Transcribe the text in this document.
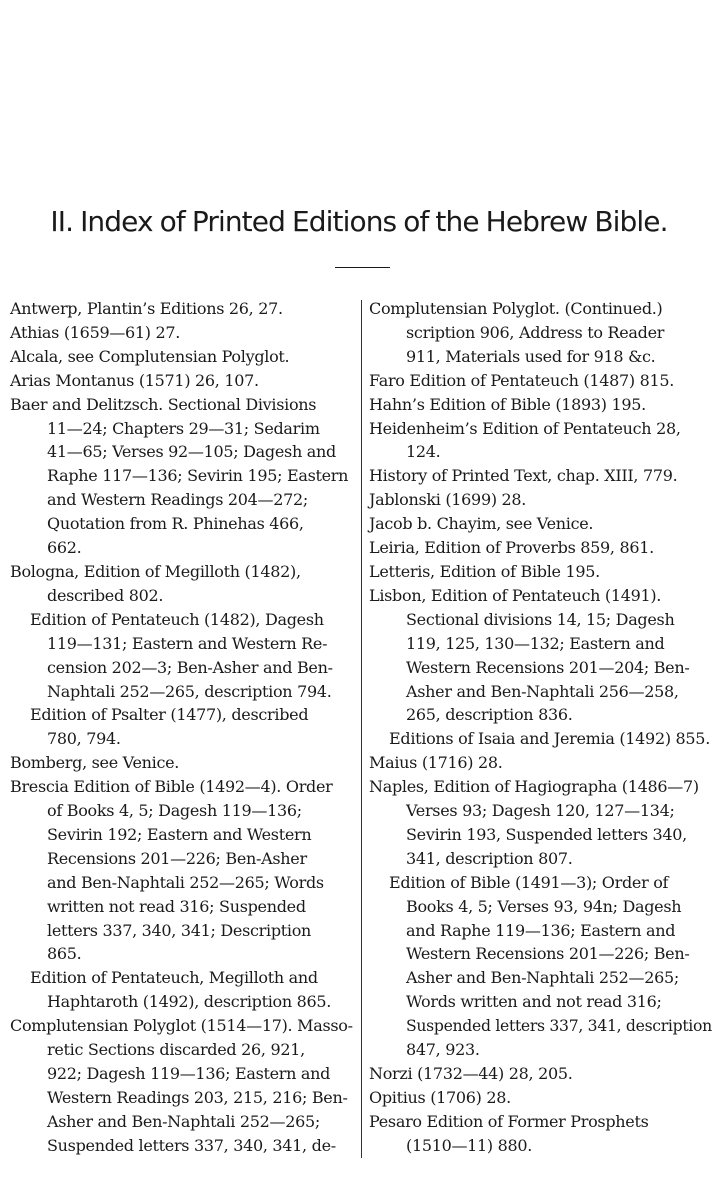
II. Index of Printed Editions of the Hebrew Bible.
Antwerp, Plantin’s Editions 26, 27.
Athias (1659—61) 27.
Alcala, see Complutensian Polyglot.
Arias Montanus (1571) 26, 107.
Baer and Delitzsch. Sectional Divisions
11—24; Chapters 29—31; Sedarim
41—65; Verses 92—105; Dagesh and
Raphe 117—136; Sevirin 195; Eastern
and Western Readings 204—272;
Quotation from R. Phinehas 466,
662.
Bologna, Edition of Megilloth (1482),
described 802.
Edition of Pentateuch (1482), Dagesh
119—131; Eastern and Western Re-
cension 202—3; Ben-Asher and Ben-
Naphtali 252—265, description 794.
Edition of Psalter (1477), described
780, 794.
Bomberg, see Venice.
Brescia Edition of Bible (1492—4). Order
of Books 4, 5; Dagesh 119—136;
Sevirin 192; Eastern and Western
Recensions 201—226; Ben-Asher
and Ben-Naphtali 252—265; Words
written not read 316; Suspended
letters 337, 340, 341; Description
865.
Edition of Pentateuch, Megilloth and
Haphtaroth (1492), description 865.
Complutensian Polyglot (1514—17). Masso-
retic Sections discarded 26, 921,
922; Dagesh 119—136; Eastern and
Western Readings 203, 215, 216; Ben-
Asher and Ben-Naphtali 252—265;
Suspended letters 337, 340, 341, de-
Complutensian Polyglot. (Continued.)
scription 906, Address to Reader
911, Materials used for 918 &c.
Faro Edition of Pentateuch (1487) 815.
Hahn’s Edition of Bible (1893) 195.
Heidenheim’s Edition of Pentateuch 28,
124.
History of Printed Text, chap. XIII, 779.
Jablonski (1699) 28.
Jacob b. Chayim, see Venice.
Leiria, Edition of Proverbs 859, 861.
Letteris, Edition of Bible 195.
Lisbon, Edition of Pentateuch (1491).
Sectional divisions 14, 15; Dagesh
119, 125, 130—132; Eastern and
Western Recensions 201—204; Ben-
Asher and Ben-Naphtali 256—258,
265, description 836.
Editions of Isaia and Jeremia (1492) 855.
Maius (1716) 28.
Naples, Edition of Hagiographa (1486—7)
Verses 93; Dagesh 120, 127—134;
Sevirin 193, Suspended letters 340,
341, description 807.
Edition of Bible (1491—3); Order of
Books 4, 5; Verses 93, 94n; Dagesh
and Raphe 119—136; Eastern and
Western Recensions 201—226; Ben-
Asher and Ben-Naphtali 252—265;
Words written and not read 316;
Suspended letters 337, 341, description
847, 923.
Norzi (1732—44) 28, 205.
Opitius (1706) 28.
Pesaro Edition of Former Prosphets
(1510—11) 880.
